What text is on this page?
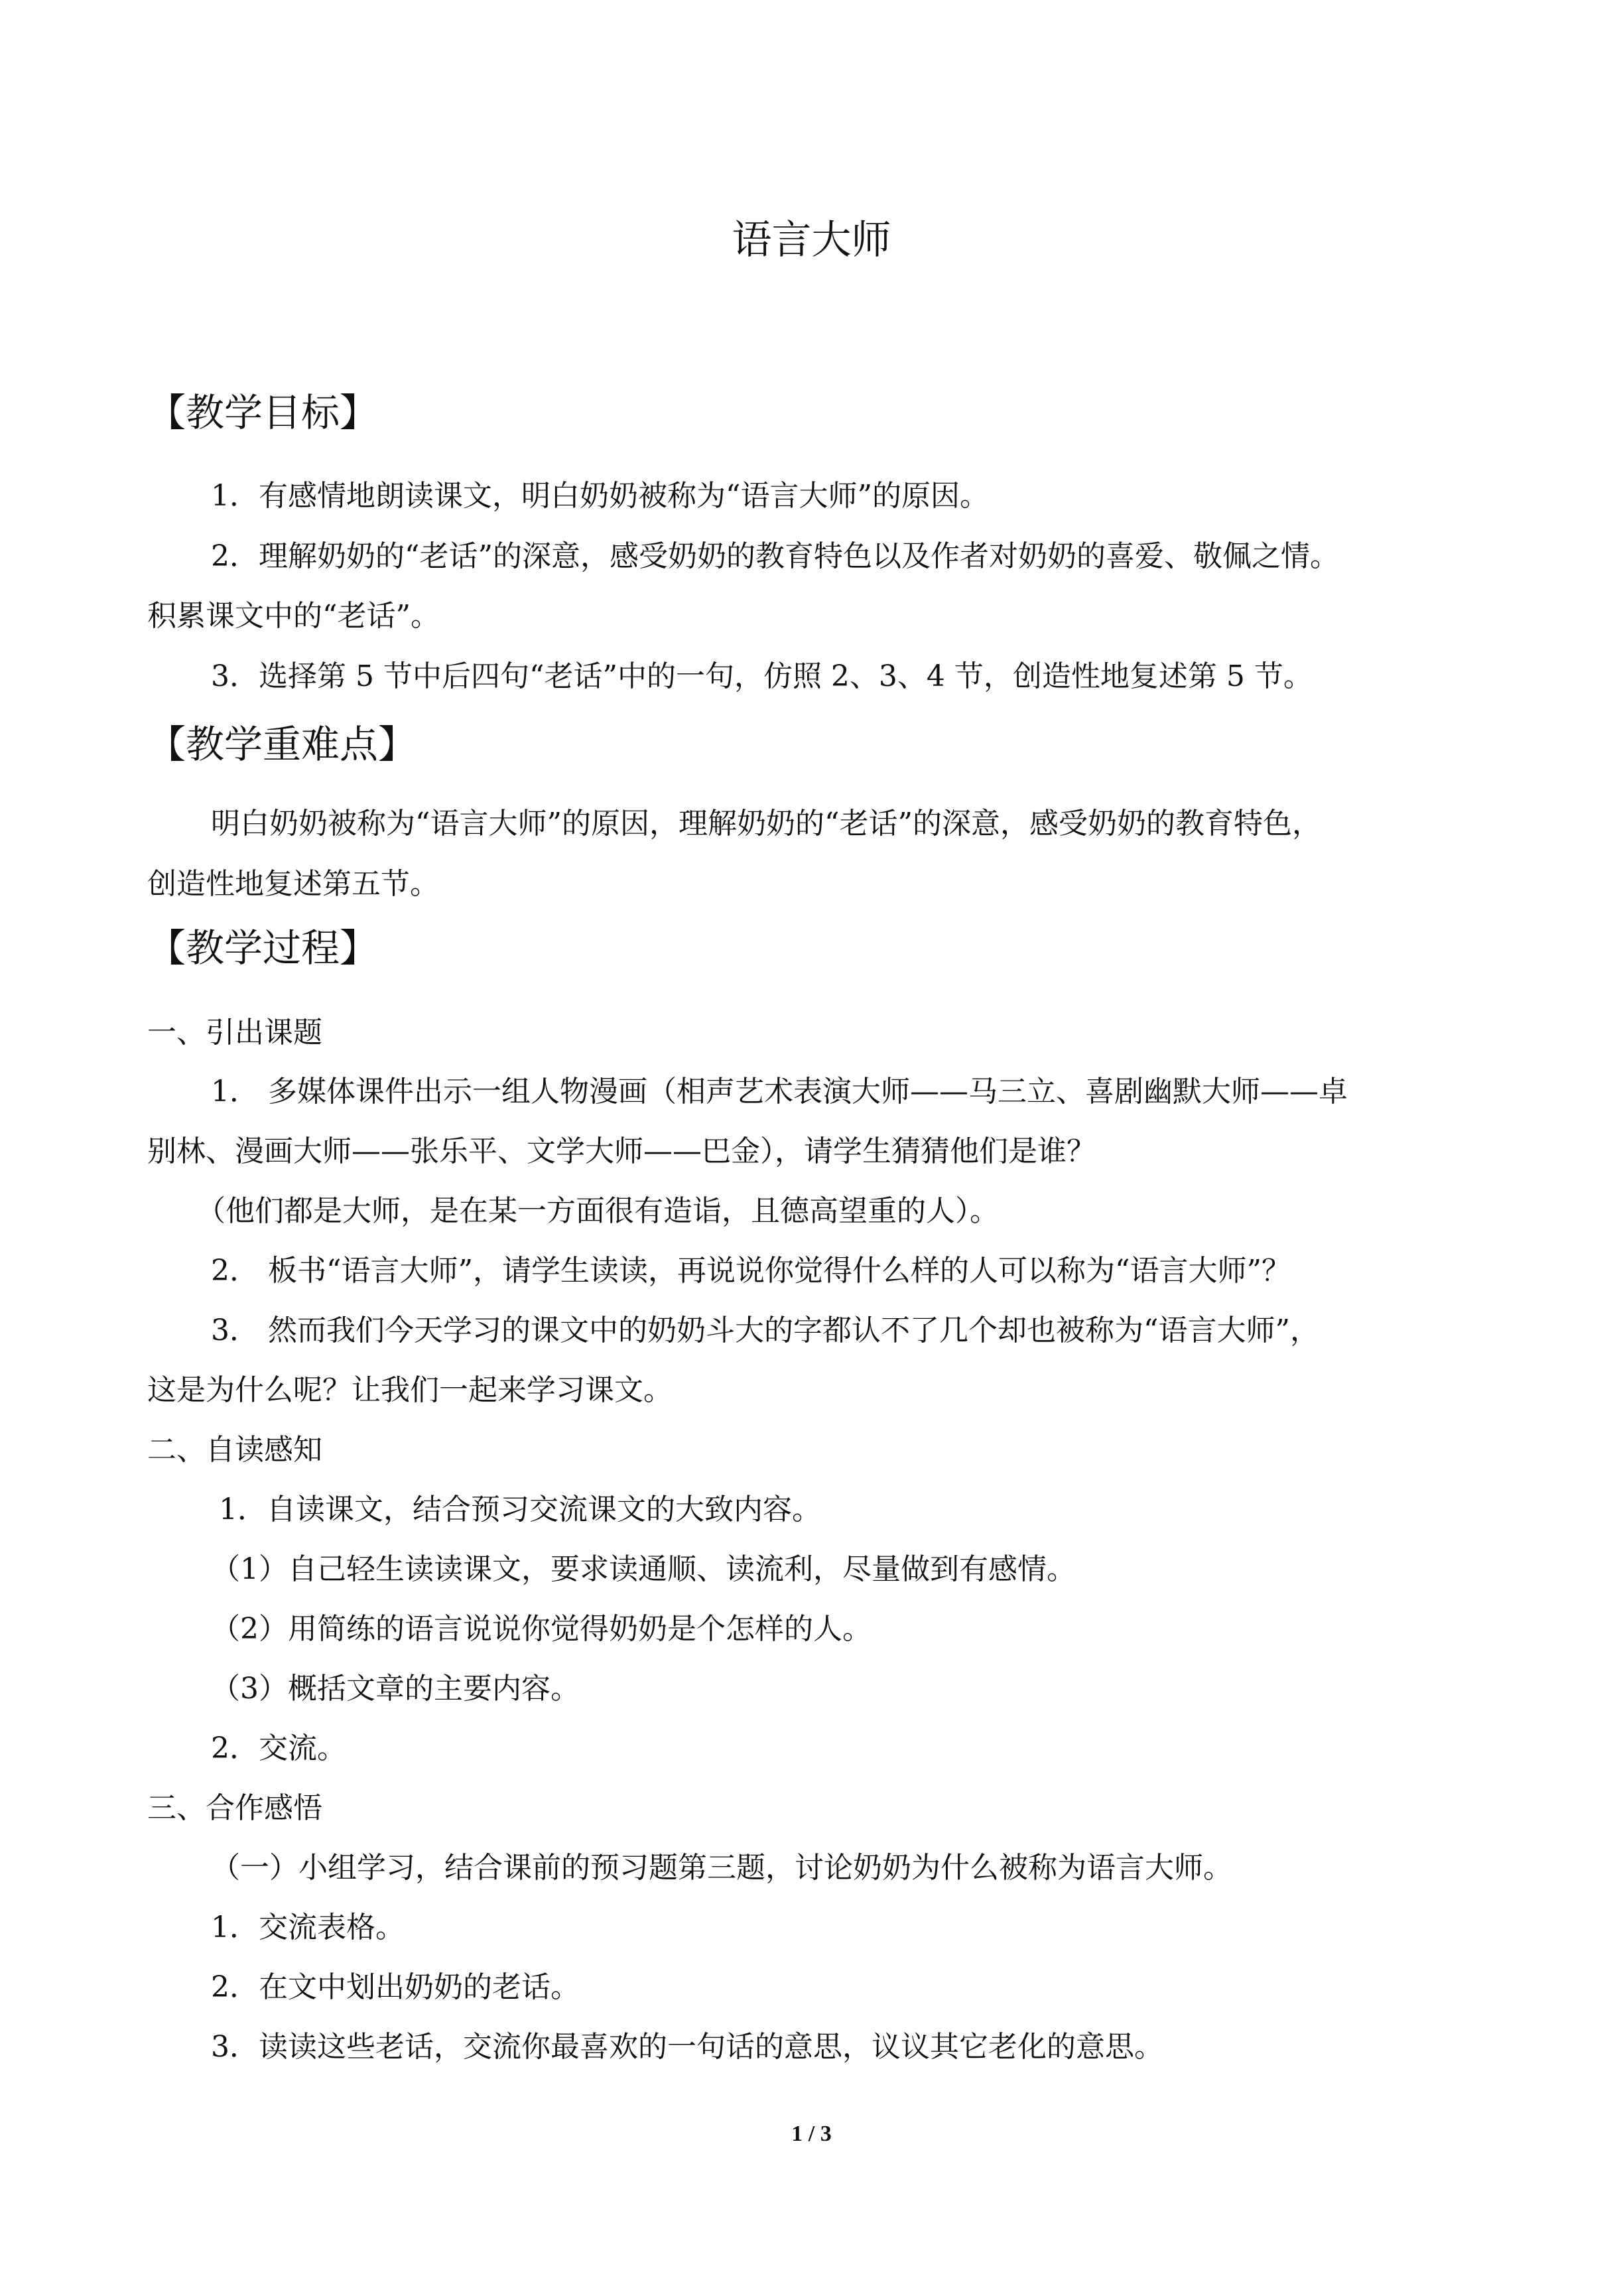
语言大师
【教学目标】
1．有感情地朗读课文，明白奶奶被称为“语言大师”的原因。
2．理解奶奶的“老话”的深意，感受奶奶的教育特色以及作者对奶奶的喜爱、敬佩之情。
积累课文中的“老话”。
3．选择第 5 节中后四句“老话”中的一句，仿照 2、3、4 节，创造性地复述第 5 节。
【教学重难点】
明白奶奶被称为“语言大师”的原因，理解奶奶的“老话”的深意，感受奶奶的教育特色，
创造性地复述第五节。
【教学过程】
一、引出课题
1． 多媒体课件出示一组人物漫画（相声艺术表演大师——马三立、喜剧幽默大师——卓
别林、漫画大师——张乐平、文学大师——巴金），请学生猜猜他们是谁？
（他们都是大师，是在某一方面很有造诣，且德高望重的人）。
2． 板书“语言大师”，请学生读读，再说说你觉得什么样的人可以称为“语言大师”？
3． 然而我们今天学习的课文中的奶奶斗大的字都认不了几个却也被称为“语言大师”，
这是为什么呢？让我们一起来学习课文。
二、自读感知
1．自读课文，结合预习交流课文的大致内容。
（1）自己轻生读读课文，要求读通顺、读流利，尽量做到有感情。
（2）用简练的语言说说你觉得奶奶是个怎样的人。
（3）概括文章的主要内容。
2．交流。
三、合作感悟
（一）小组学习，结合课前的预习题第三题，讨论奶奶为什么被称为语言大师。
1．交流表格。
2．在文中划出奶奶的老话。
3．读读这些老话，交流你最喜欢的一句话的意思，议议其它老化的意思。
1 / 3
